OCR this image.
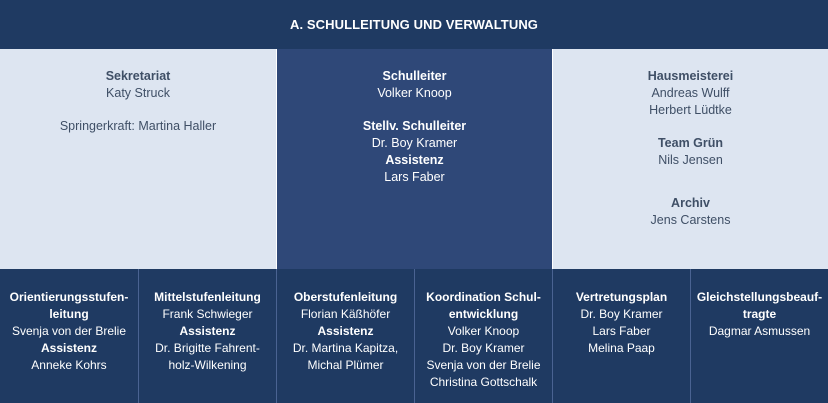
A. SCHULLEITUNG UND VERWALTUNG
Sekretariat
Katy Struck
Springerkraft: Martina Haller
Schulleiter
Volker Knoop
Stellv. Schulleiter
Dr. Boy Kramer
Assistenz
Lars Faber
Hausmeisterei
Andreas Wulff
Herbert Lüdtke
Team Grün
Nils Jensen
Archiv
Jens Carstens
Orientierungsstufen-
leitung
Svenja von der Brelie
Assistenz
Anneke Kohrs
Mittelstufenleitung
Frank Schwieger
Assistenz
Dr. Brigitte Fahrent-
holz-Wilkening
Oberstufenleitung
Florian Käßhöfer
Assistenz
Dr. Martina Kapitza,
Michal Plümer
Koordination Schul-
entwicklung
Volker Knoop
Dr. Boy Kramer
Svenja von der Brelie
Christina Gottschalk
Vertretungsplan
Dr. Boy Kramer
Lars Faber
Melina Paap
Gleichstellungsbeauf-
tragte
Dagmar Asmussen
